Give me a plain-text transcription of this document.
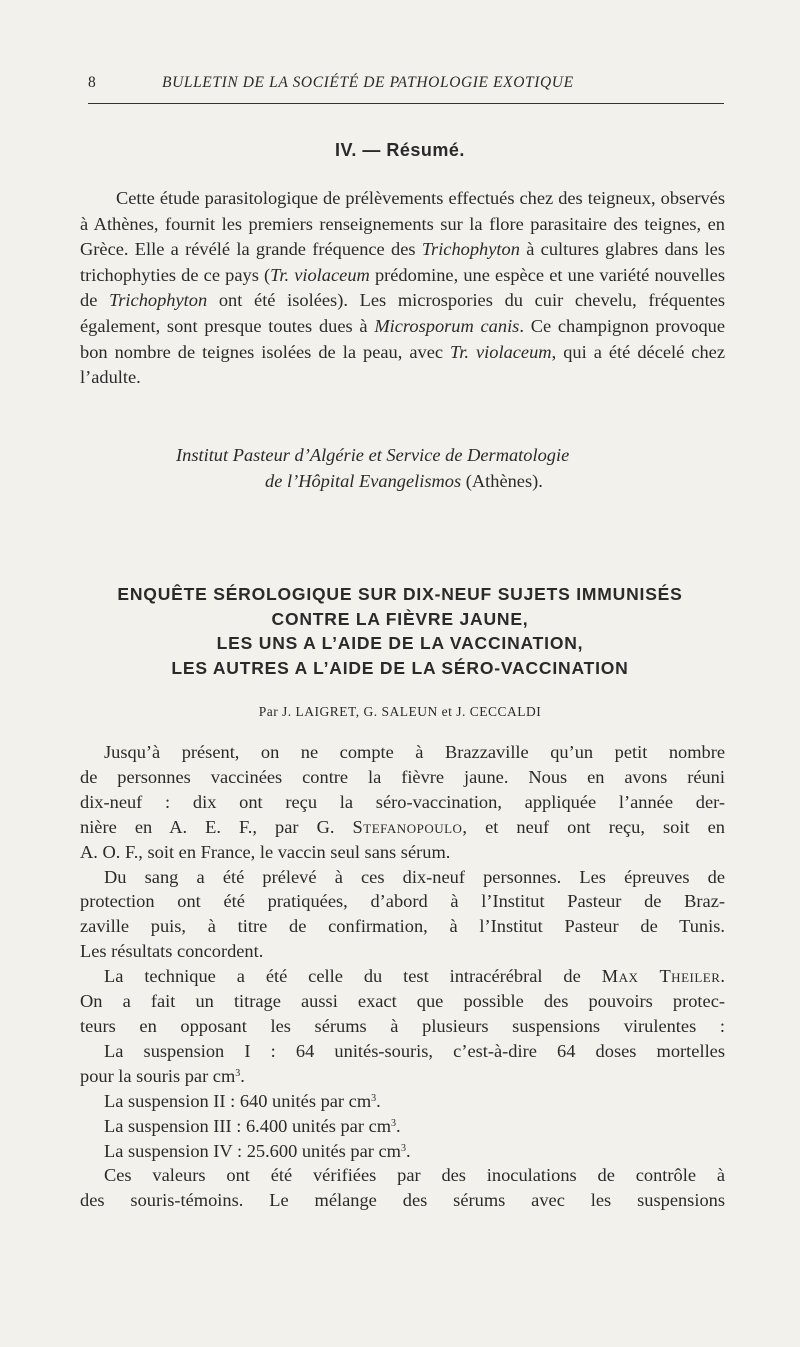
8	BULLETIN DE LA SOCIÉTÉ DE PATHOLOGIE EXOTIQUE
IV. — Résumé.

Cette étude parasitologique de prélèvements effectués chez des teigneux, observés à Athènes, fournit les premiers renseignements sur la flore parasitaire des teignes, en Grèce. Elle a révélé la grande fréquence des Trichophyton à cultures glabres dans les trichophyties de ce pays (Tr. violaceum prédomine, une espèce et une variété nouvelles de Trichophyton ont été isolées). Les microspories du cuir chevelu, fréquentes également, sont presque toutes dues à Microsporum canis. Ce champignon provoque bon nombre de teignes isolées de la peau, avec Tr. violaceum, qui a été décelé chez l’adulte.

Institut Pasteur d’Algérie et Service de Dermatologie
de l’Hôpital Evangelismos (Athènes).
ENQUÊTE SÉROLOGIQUE SUR DIX-NEUF SUJETS IMMUNISÉS
CONTRE LA FIÈVRE JAUNE,
LES UNS A L’AIDE DE LA VACCINATION,
LES AUTRES A L’AIDE DE LA SÉRO-VACCINATION
Par J. LAIGRET, G. SALEUN et J. CECCALDI
Jusqu’à présent, on ne compte à Brazzaville qu’un petit nombre
de personnes vaccinées contre la fièvre jaune. Nous en avons réuni
dix-neuf : dix ont reçu la séro-vaccination, appliquée l’année der-
nière en A. E. F., par G. Stefanopoulo, et neuf ont reçu, soit en
A. O. F., soit en France, le vaccin seul sans sérum.
Du sang a été prélevé à ces dix-neuf personnes. Les épreuves de
protection ont été pratiquées, d’abord à l’Institut Pasteur de Braz-
zaville puis, à titre de confirmation, à l’Institut Pasteur de Tunis.
Les résultats concordent.
La technique a été celle du test intracérébral de Max Theiler.
On a fait un titrage aussi exact que possible des pouvoirs protec-
teurs en opposant les sérums à plusieurs suspensions virulentes :
La suspension I : 64 unités-souris, c’est-à-dire 64 doses mortelles
pour la souris par $cm^3$.
La suspension II : 640 unités par $cm^3$.
La suspension III : 6.400 unités par $cm^3$.
La suspension IV : 25.600 unités par $cm^3$.
Ces valeurs ont été vérifiées par des inoculations de contrôle à
des souris-témoins. Le mélange des sérums avec les suspensions
